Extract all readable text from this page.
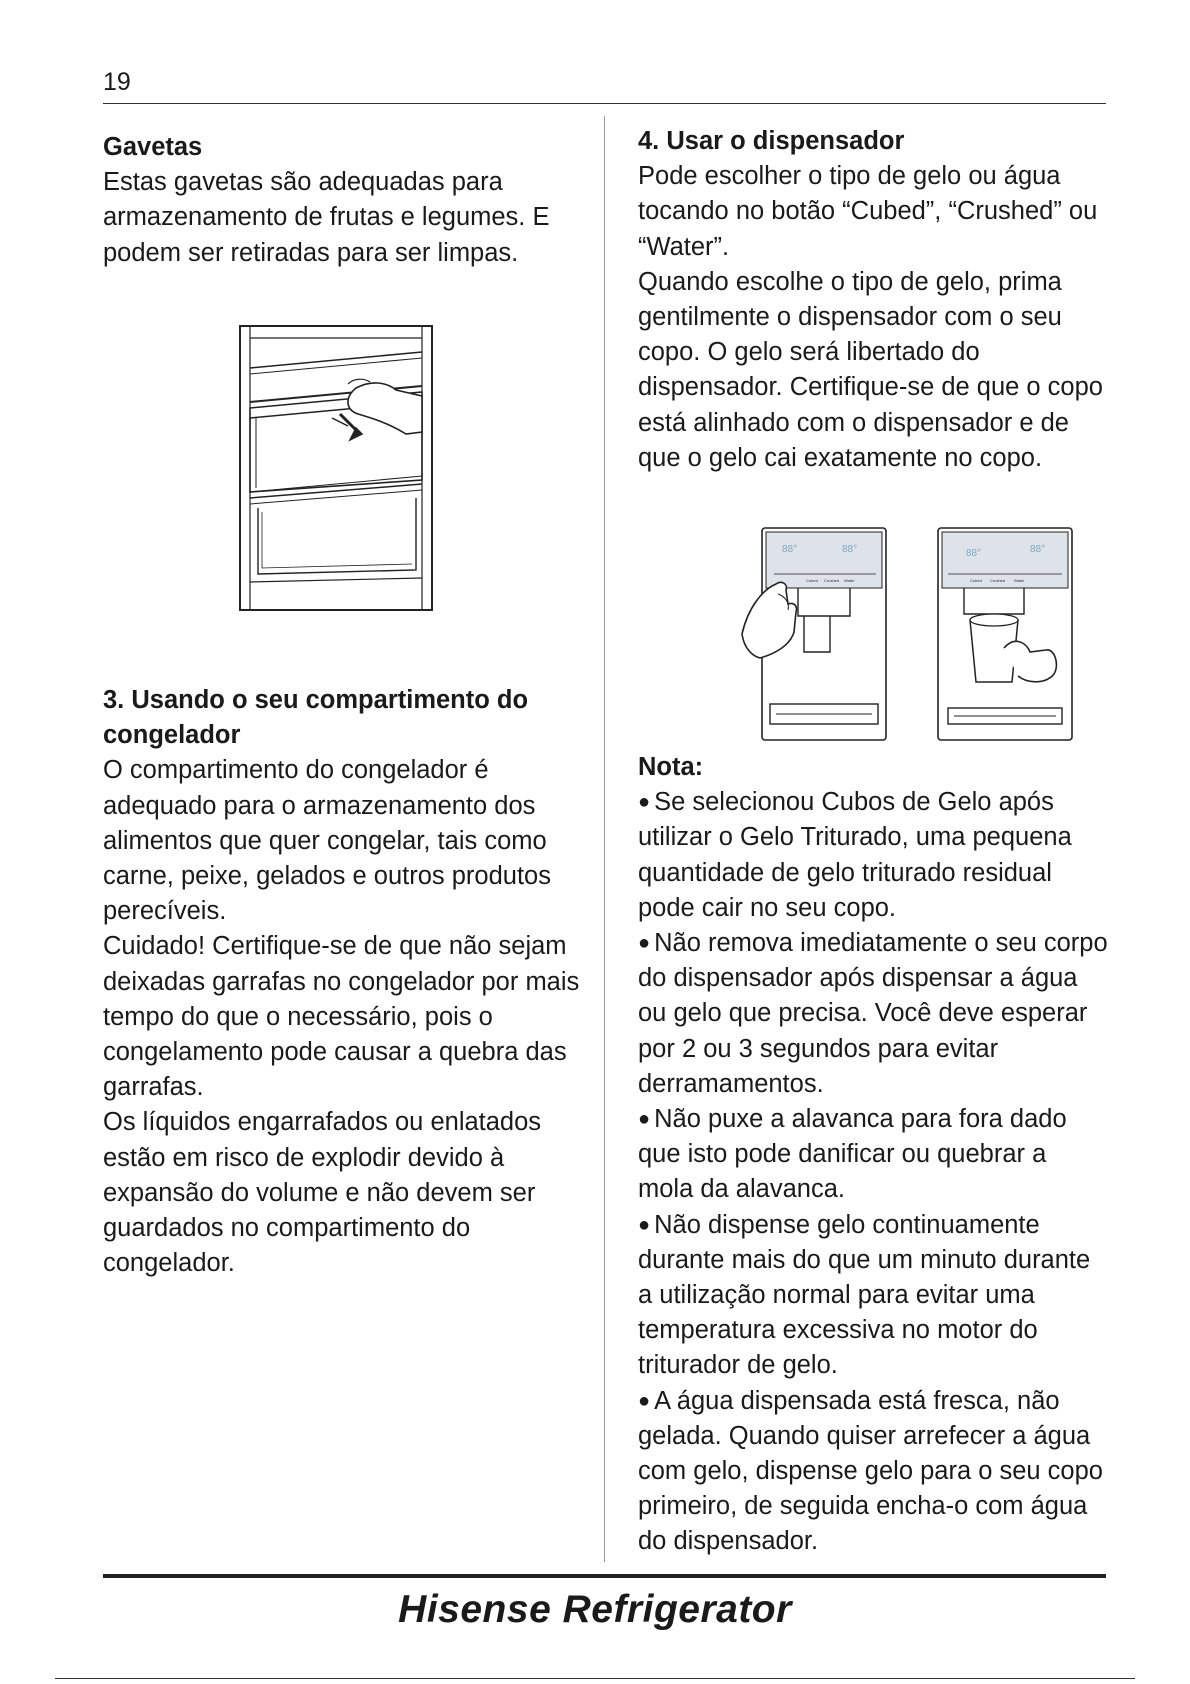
19
Gavetas

Estas gavetas são adequadas para armazenamento de frutas e legumes. E podem ser retiradas para ser limpas.

3. Usando o seu compartimento do congelador

O compartimento do congelador é adequado para o armazenamento dos alimentos que quer congelar, tais como carne, peixe, gelados e outros produtos perecíveis.

Cuidado! Certifique-se de que não sejam deixadas garrafas no congelador por mais tempo do que o necessário, pois o congelamento pode causar a quebra das garrafas.

Os líquidos engarrafados ou enlatados estão em risco de explodir devido à expansão do volume e não devem ser guardados no compartimento do congelador.

4. Usar o dispensador

Pode escolher o tipo de gelo ou água tocando no botão “Cubed”, “Crushed” ou “Water”.

Quando escolhe o tipo de gelo, prima gentilmente o dispensador com o seu copo. O gelo será libertado do dispensador. Certifique-se de que o copo está alinhado com o dispensador e de que o gelo cai exatamente no copo.

88°	88°
Cubed Crushed Water
88°	88°
Cubed Crushed Water
Nota:

● Se selecionou Cubos de Gelo após utilizar o Gelo Triturado, uma pequena quantidade de gelo triturado residual pode cair no seu copo.

● Não remova imediatamente o seu corpo do dispensador após dispensar a água ou gelo que precisa. Você deve esperar por 2 ou 3 segundos para evitar derramamentos.

● Não puxe a alavanca para fora dado que isto pode danificar ou quebrar a mola da alavanca.

● Não dispense gelo continuamente durante mais do que um minuto durante a utilização normal para evitar uma temperatura excessiva no motor do triturador de gelo.

● A água dispensada está fresca, não gelada. Quando quiser arrefecer a água com gelo, dispense gelo para o seu copo primeiro, de seguida encha-o com água do dispensador.

Hisense Refrigerator
